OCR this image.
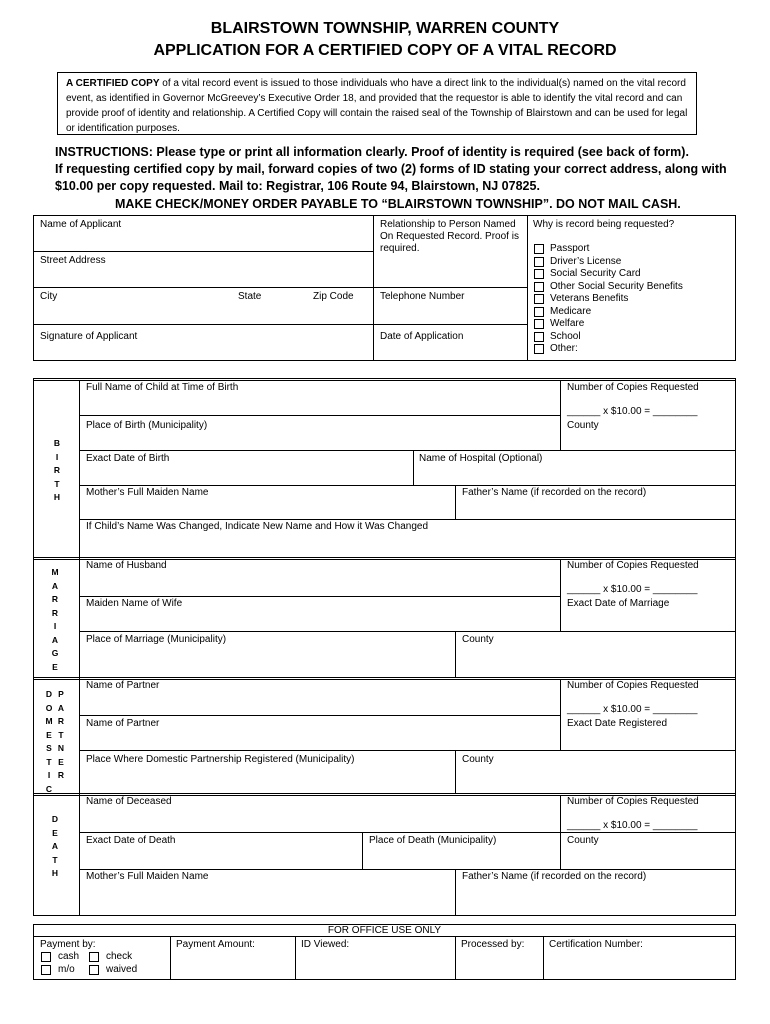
BLAIRSTOWN TOWNSHIP, WARREN COUNTY
APPLICATION FOR A CERTIFIED COPY OF A VITAL RECORD
A CERTIFIED COPY of a vital record event is issued to those individuals who have a direct link to the individual(s) named on the vital record event, as identified in Governor McGreevey’s Executive Order 18, and provided that the requestor is able to identify the vital record and can provide proof of identity and relationship. A Certified Copy will contain the raised seal of the Township of Blairstown and can be used for legal or identification purposes.
INSTRUCTIONS: Please type or print all information clearly. Proof of identity is required (see back of form).
If requesting certified copy by mail, forward copies of two (2) forms of ID stating your correct address, along with
$10.00 per copy requested. Mail to: Registrar, 106 Route 94, Blairstown, NJ 07825.
MAKE CHECK/MONEY ORDER PAYABLE TO “BLAIRSTOWN TOWNSHIP”. DO NOT MAIL CASH.
Name of Applicant
Street Address
City	State	Zip Code
Signature of Applicant
Relationship to Person Named
On Requested Record. Proof is
required.
Telephone Number
Date of Application
Why is record being requested?
Passport
Driver’s License
Social Security Card
Other Social Security Benefits
Veterans Benefits
Medicare
Welfare
School
Other:
B
I
R
T
H
Full Name of Child at Time of Birth	Number of Copies Requested
______ x $10.00 = ________
Place of Birth (Municipality)	County
Exact Date of Birth	Name of Hospital (Optional)
Mother’s Full Maiden Name	Father’s Name (if recorded on the record)
If Child’s Name Was Changed, Indicate New Name and How it Was Changed
M
A
R
R
I
A
G
E
Name of Husband	Number of Copies Requested
______ x $10.00 = ________
Maiden Name of Wife	Exact Date of Marriage
Place of Marriage (Municipality)	County
D
O
M
E
S
T
I
C
P
A
R
T
N
E
R
Name of Partner	Number of Copies Requested
______ x $10.00 = ________
Name of Partner	Exact Date Registered
Place Where Domestic Partnership Registered (Municipality)	County
D
E
A
T
H
Name of Deceased	Number of Copies Requested
______ x $10.00 = ________
Exact Date of Death	Place of Death (Municipality)	County
Mother’s Full Maiden Name	Father’s Name (if recorded on the record)
FOR OFFICE USE ONLY
Payment by:
cash	check
m/o	waived
Payment Amount:	ID Viewed:	Processed by: Certification Number:
